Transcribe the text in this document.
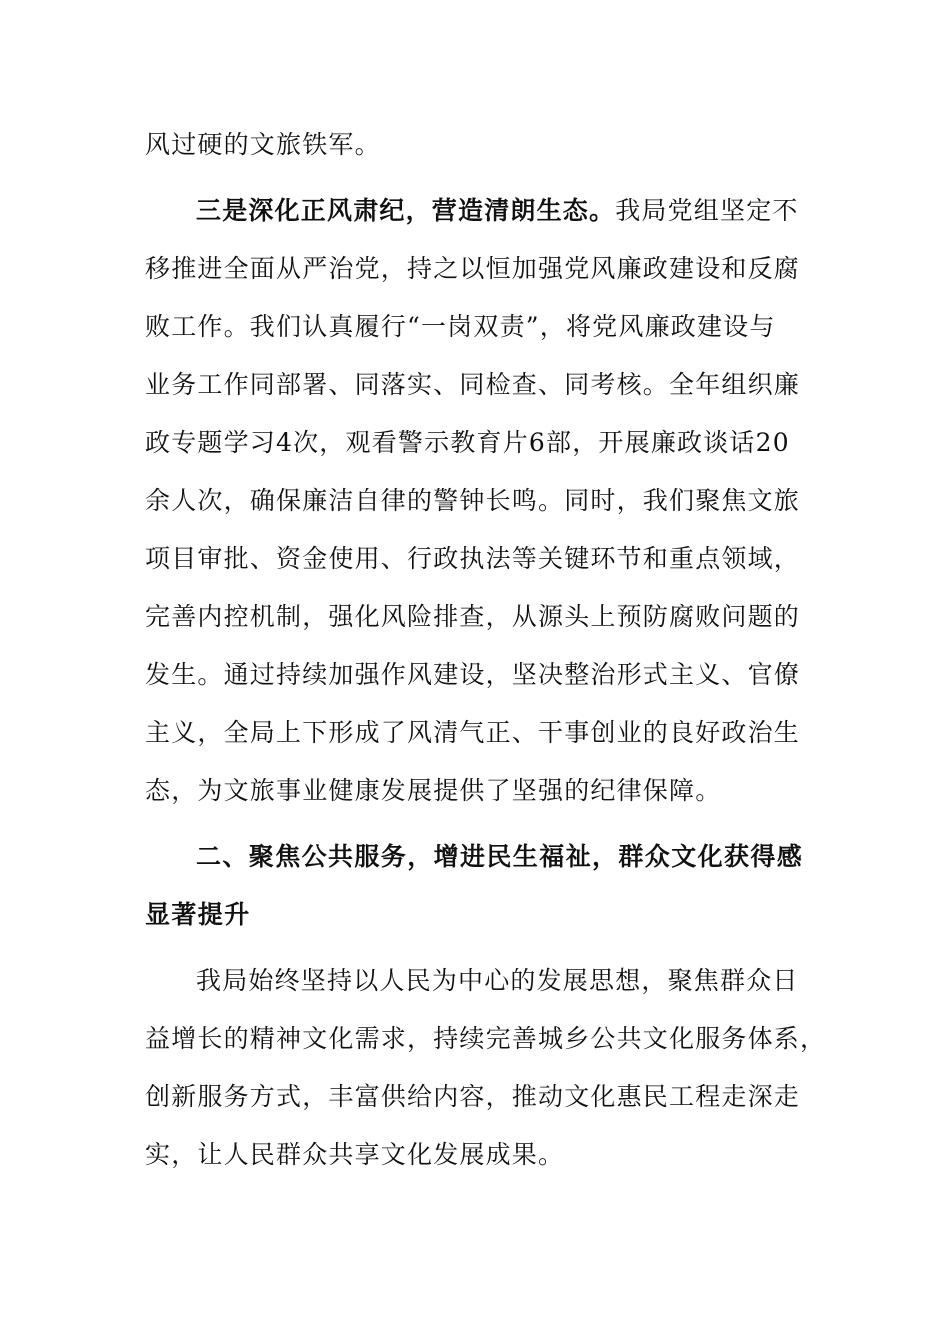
风过硬的文旅铁军。
三是深化正风肃纪，营造清朗生态。我局党组坚定不
移推进全面从严治党，持之以恒加强党风廉政建设和反腐
败工作。我们认真履行“一岗双责”，将党风廉政建设与
业务工作同部署、同落实、同检查、同考核。全年组织廉
政专题学习4次，观看警示教育片6部，开展廉政谈话20
余人次，确保廉洁自律的警钟长鸣。同时，我们聚焦文旅
项目审批、资金使用、行政执法等关键环节和重点领域，
完善内控机制，强化风险排查，从源头上预防腐败问题的
发生。通过持续加强作风建设，坚决整治形式主义、官僚
主义，全局上下形成了风清气正、干事创业的良好政治生
态，为文旅事业健康发展提供了坚强的纪律保障。
二、聚焦公共服务，增进民生福祉，群众文化获得感
显著提升
我局始终坚持以人民为中心的发展思想，聚焦群众日
益增长的精神文化需求，持续完善城乡公共文化服务体系，
创新服务方式，丰富供给内容，推动文化惠民工程走深走
实，让人民群众共享文化发展成果。
